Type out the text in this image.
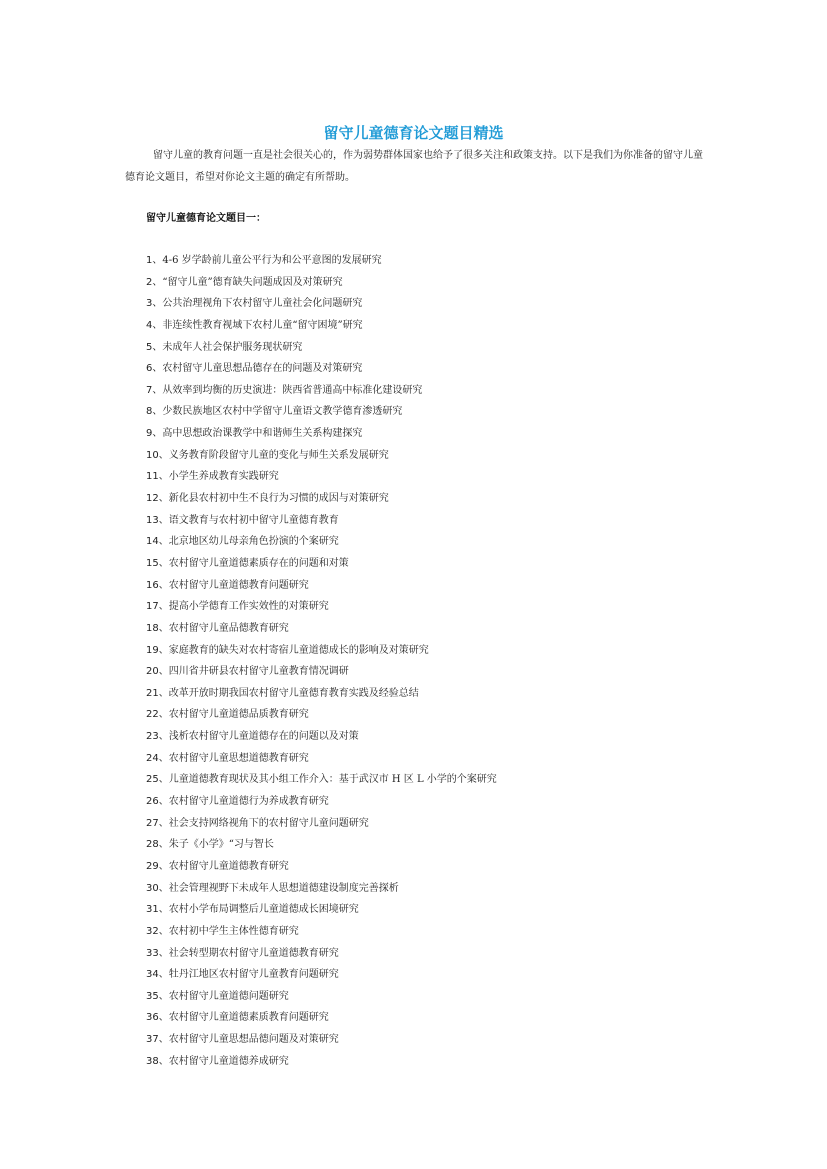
留守儿童德育论文题目精选

留守儿童的教育问题一直是社会很关心的，作为弱势群体国家也给予了很多关注和政策支持。以下是我们为你准备的留守儿童德育论文题目，希望对你论文主题的确定有所帮助。

留守儿童德育论文题目一：

1、4-6 岁学龄前儿童公平行为和公平意图的发展研究
2、“留守儿童”德育缺失问题成因及对策研究
3、公共治理视角下农村留守儿童社会化问题研究
4、非连续性教育视域下农村儿童“留守困境”研究
5、未成年人社会保护服务现状研究
6、农村留守儿童思想品德存在的问题及对策研究
7、从效率到均衡的历史演进：陕西省普通高中标准化建设研究
8、少数民族地区农村中学留守儿童语文教学德育渗透研究
9、高中思想政治课教学中和谐师生关系构建探究
10、义务教育阶段留守儿童的变化与师生关系发展研究
11、小学生养成教育实践研究
12、新化县农村初中生不良行为习惯的成因与对策研究
13、语文教育与农村初中留守儿童德育教育
14、北京地区幼儿母亲角色扮演的个案研究
15、农村留守儿童道德素质存在的问题和对策
16、农村留守儿童道德教育问题研究
17、提高小学德育工作实效性的对策研究
18、农村留守儿童品德教育研究
19、家庭教育的缺失对农村寄宿儿童道德成长的影响及对策研究
20、四川省井研县农村留守儿童教育情况调研
21、改革开放时期我国农村留守儿童德育教育实践及经验总结
22、农村留守儿童道德品质教育研究
23、浅析农村留守儿童道德存在的问题以及对策
24、农村留守儿童思想道德教育研究
25、儿童道德教育现状及其小组工作介入：基于武汉市 H 区 L 小学的个案研究
26、农村留守儿童道德行为养成教育研究
27、社会支持网络视角下的农村留守儿童问题研究
28、朱子《小学》“习与智长
29、农村留守儿童道德教育研究
30、社会管理视野下未成年人思想道德建设制度完善探析
31、农村小学布局调整后儿童道德成长困境研究
32、农村初中学生主体性德育研究
33、社会转型期农村留守儿童道德教育研究
34、牡丹江地区农村留守儿童教育问题研究
35、农村留守儿童道德问题研究
36、农村留守儿童道德素质教育问题研究
37、农村留守儿童思想品德问题及对策研究
38、农村留守儿童道德养成研究
